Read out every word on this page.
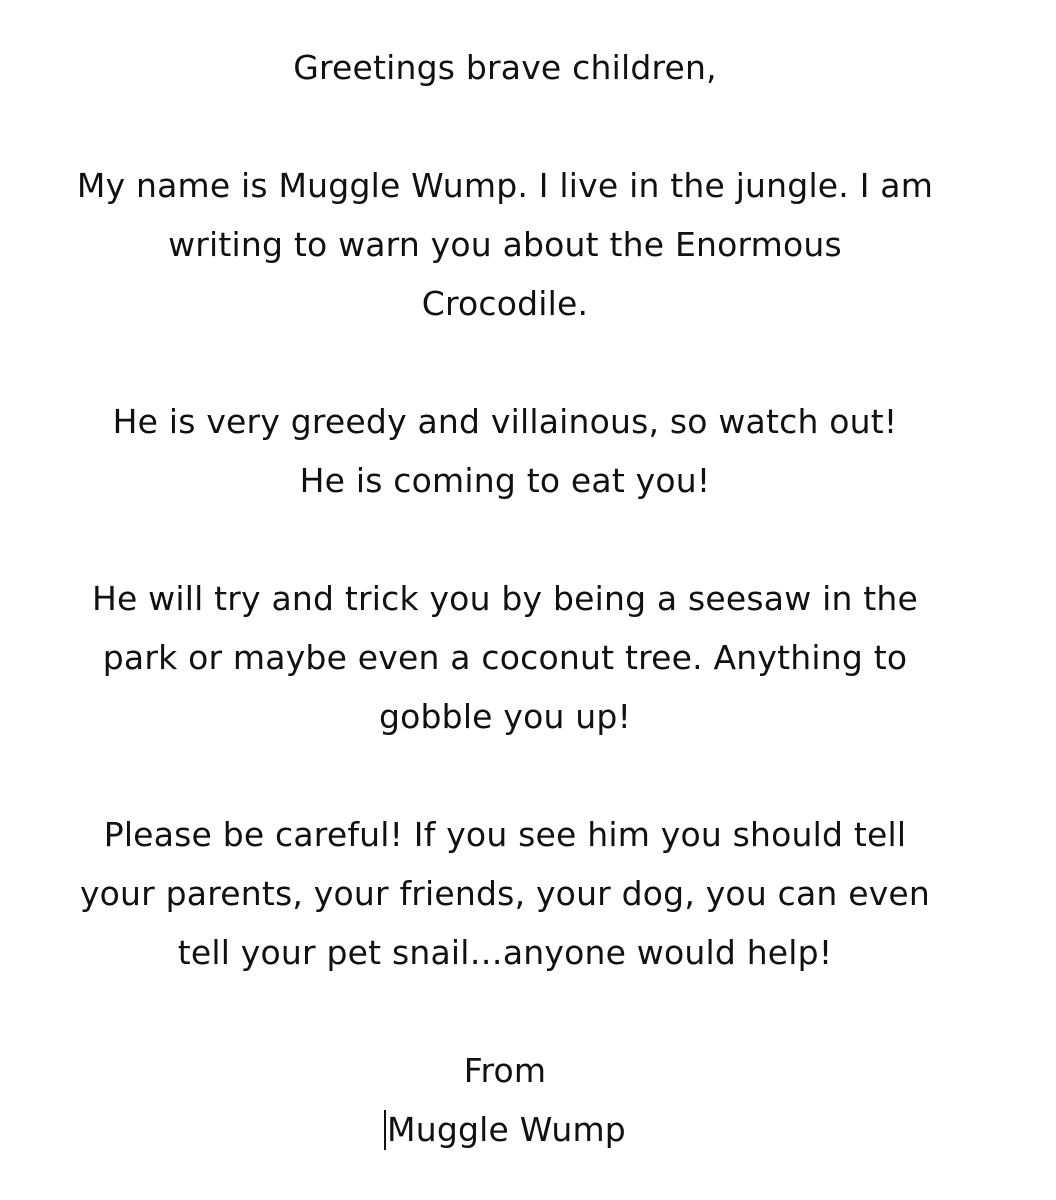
Greetings brave children,
My name is Muggle Wump. I live in the jungle. I am
writing to warn you about the Enormous
Crocodile.
He is very greedy and villainous, so watch out!
He is coming to eat you!
He will try and trick you by being a seesaw in the
park or maybe even a coconut tree. Anything to
gobble you up!
Please be careful! If you see him you should tell
your parents, your friends, your dog, you can even
tell your pet snail…anyone would help!
From
Muggle Wump
